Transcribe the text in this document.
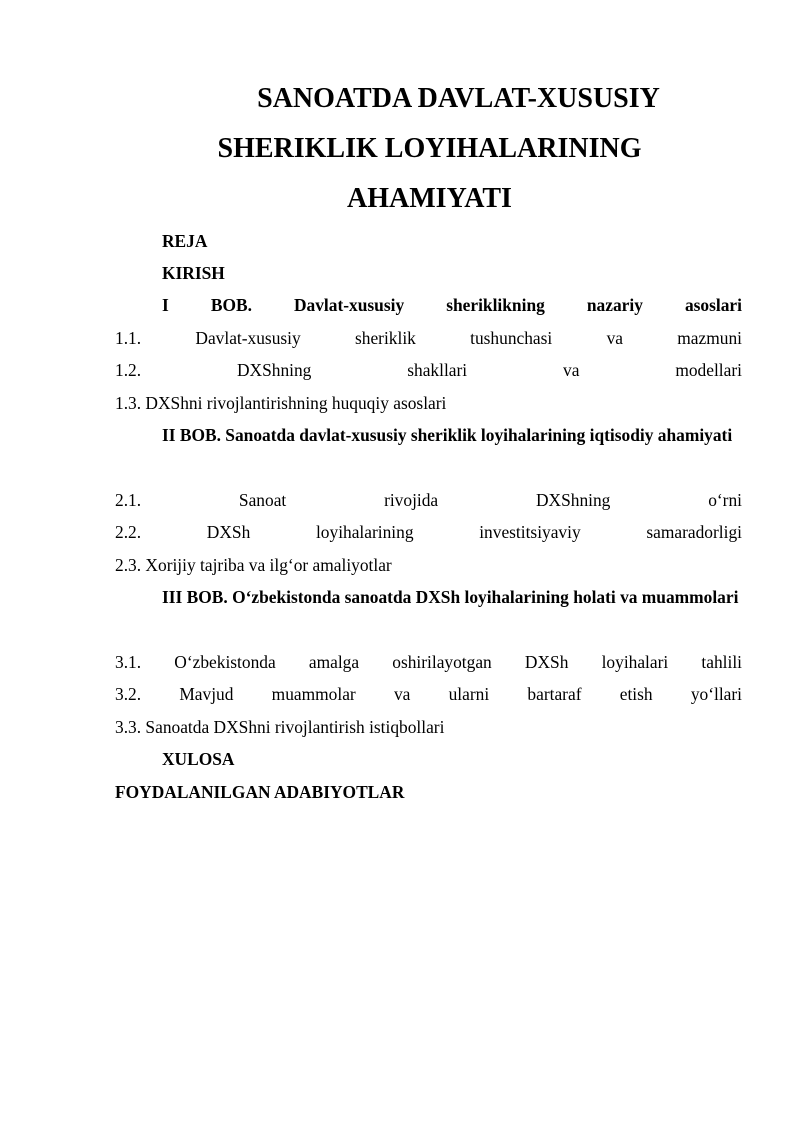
SANOATDA DAVLAT-XUSUSIY
SHERIKLIK LOYIHALARINING
AHAMIYATI
REJA
KIRISH
I BOB. Davlat-xususiy sheriklikning nazariy asoslari
1.1.	Davlat-xususiy	sheriklik	tushunchasi	va	mazmuni
1.2.	DXShning	shakllari	va	modellari
1.3. DXShni rivojlantirishning huquqiy asoslari
II BOB. Sanoatda davlat-xususiy sheriklik loyihalarining iqtisodiy ahamiyati
2.1.	Sanoat	rivojida	DXShning	o‘rni
2.2.	DXSh	loyihalarining	investitsiyaviy	samaradorligi
2.3. Xorijiy tajriba va ilg‘or amaliyotlar
III BOB. O‘zbekistonda sanoatda DXSh loyihalarining holati va muammolari
3.1. O‘zbekistonda amalga oshirilayotgan DXSh loyihalari tahlili
3.2. Mavjud muammolar va ularni bartaraf etish yo‘llari
3.3. Sanoatda DXShni rivojlantirish istiqbollari
XULOSA
FOYDALANILGAN ADABIYOTLAR
